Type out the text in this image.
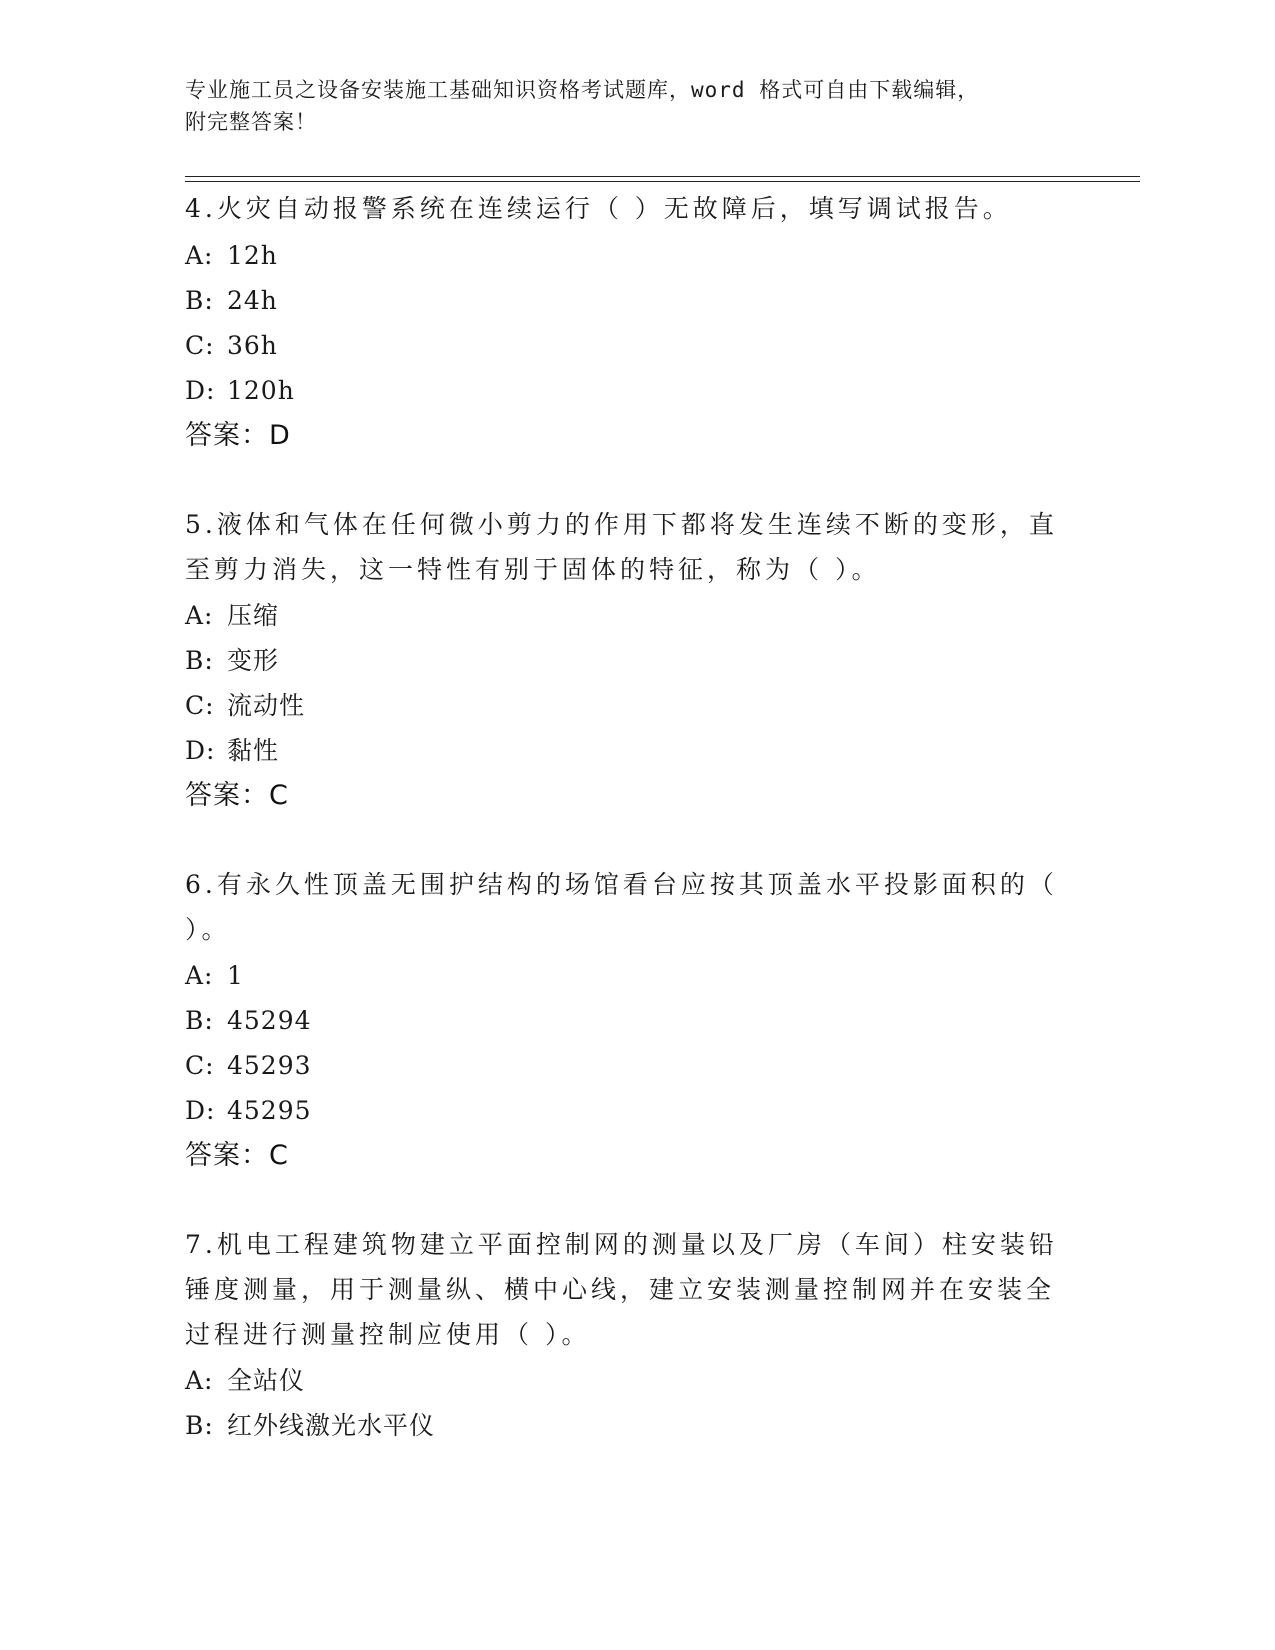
专业施工员之设备安装施工基础知识资格考试题库，word 格式可自由下载编辑，
附完整答案！
4.火灾自动报警系统在连续运行（ ）无故障后，填写调试报告。
A: 12h
B: 24h
C: 36h
D: 120h
答案：D
5.液体和气体在任何微小剪力的作用下都将发生连续不断的变形，直至剪力消失，这一特性有别于固体的特征，称为（ ）。
A: 压缩
B: 变形
C: 流动性
D: 黏性
答案：C
6.有永久性顶盖无围护结构的场馆看台应按其顶盖水平投影面积的（ ）。
A: 1
B: 45294
C: 45293
D: 45295
答案：C
7.机电工程建筑物建立平面控制网的测量以及厂房（车间）柱安装铅锤度测量，用于测量纵、横中心线，建立安装测量控制网并在安装全过程进行测量控制应使用（ ）。
A: 全站仪
B: 红外线激光水平仪
